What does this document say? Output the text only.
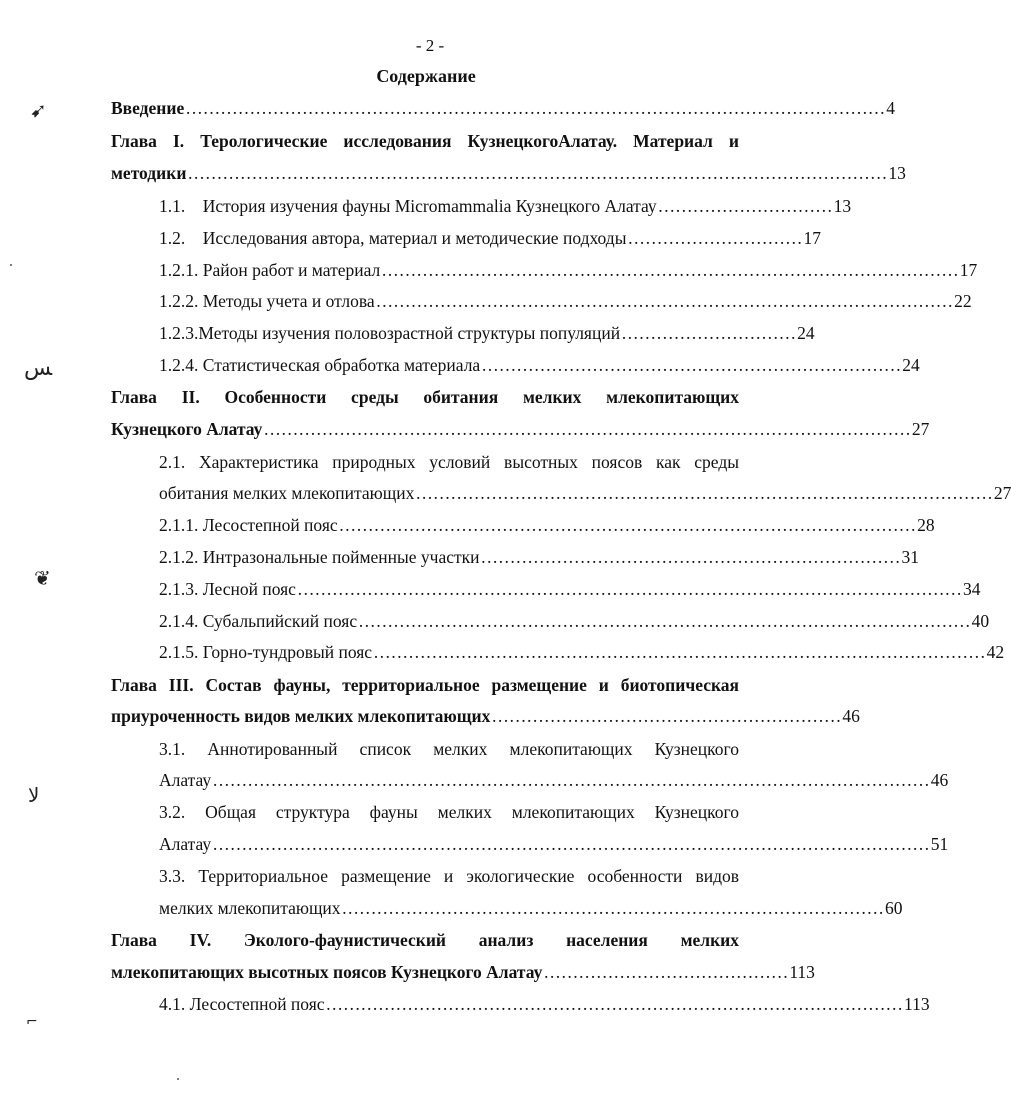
- 2 -
Содержание
➹
ﺲ
❦
ﻻ
⌐
Введение ………………………………………………………………………………………………………… 4
Глава I. Терологические исследования КузнецкогоАлатау. Материал и
методики ………………………………………………………………………………………………………… 13
1.1.    История изучения фауны Micromammalia Кузнецкого Алатау ………………………… 13
1.2.    Исследования автора, материал и методические подходы ………………………… 17
1.2.1. Район работ и материал ……………………………………………………………………………………… 17
1.2.2. Методы учета и отлова ……………………………………………………………………………………… 22
1.2.3.Методы изучения половозрастной структуры популяций ………………………… 24
1.2.4. Статистическая обработка материала ……………………………………………………………… 24
Глава II. Особенности среды обитания мелких млекопитающих
Кузнецкого Алатау ………………………………………………………………………………………………… 27
2.1. Характеристика природных условий высотных поясов как среды
обитания мелких млекопитающих ……………………………………………………………………………………… 27
2.1.1. Лесостепной пояс ……………………………………………………………………………………… 28
2.1.2. Интразональные пойменные участки ……………………………………………………………… 31
2.1.3. Лесной пояс …………………………………………………………………………………………………… 34
2.1.4. Субальпийский пояс …………………………………………………………………………………………… 40
2.1.5. Горно-тундровый пояс …………………………………………………………………………………………… 42
Глава III. Состав фауны, территориальное размещение и биотопическая
приуроченность видов мелких млекопитающих …………………………………………………… 46
3.1. Аннотированный список мелких млекопитающих Кузнецкого
Алатау …………………………………………………………………………………………………………… 46
3.2. Общая структура фауны мелких млекопитающих Кузнецкого
Алатау …………………………………………………………………………………………………………… 51
3.3. Территориальное размещение и экологические особенности видов
мелких млекопитающих ………………………………………………………………………………… 60
Глава IV. Эколого-фаунистический анализ населения мелких
млекопитающих высотных поясов Кузнецкого Алатау …………………………………… 113
4.1. Лесостепной пояс ……………………………………………………………………………………… 113
